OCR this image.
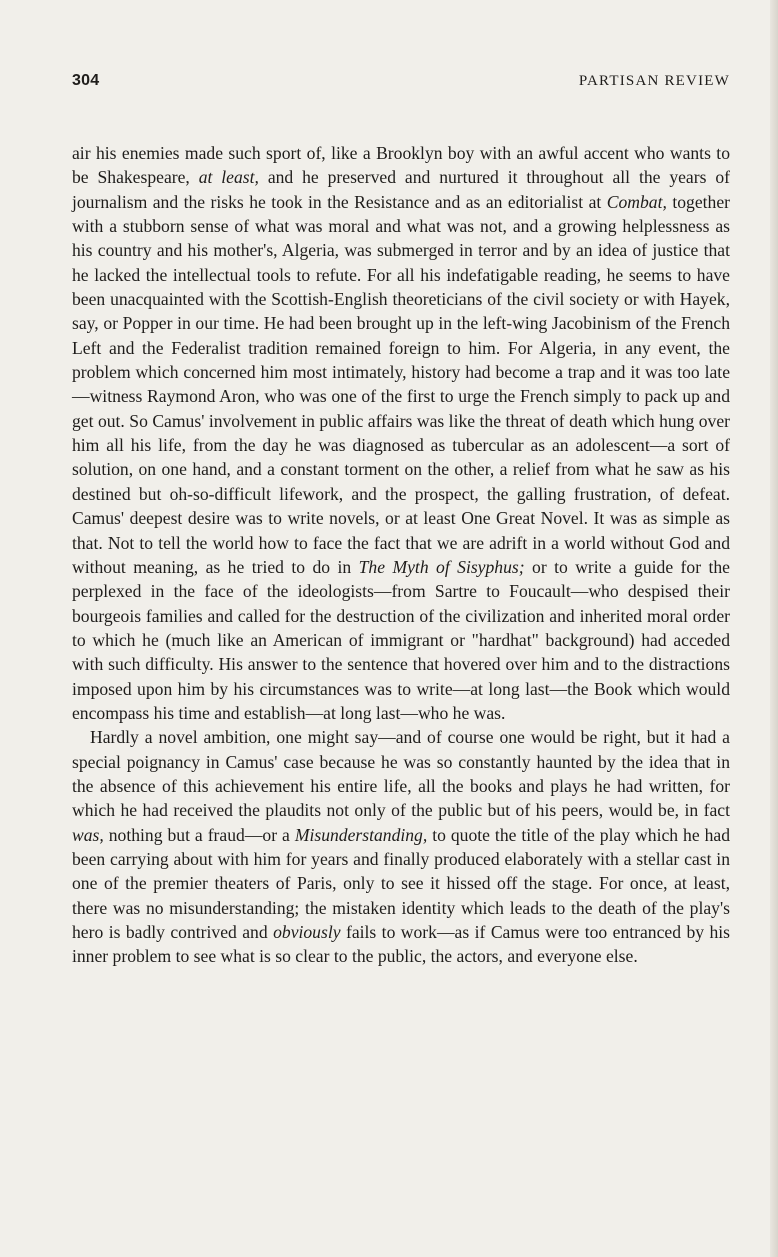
304	PARTISAN REVIEW

air his enemies made such sport of, like a Brooklyn boy with an awful accent who wants to be Shakespeare, at least, and he preserved and nurtured it throughout all the years of journalism and the risks he took in the Resistance and as an editorialist at Combat, together with a stubborn sense of what was moral and what was not, and a growing helplessness as his country and his mother's, Algeria, was submerged in terror and by an idea of justice that he lacked the intellectual tools to refute. For all his indefatigable reading, he seems to have been unacquainted with the Scottish-English theoreticians of the civil society or with Hayek, say, or Popper in our time. He had been brought up in the left-wing Jacobinism of the French Left and the Federalist tradition remained foreign to him. For Algeria, in any event, the problem which concerned him most intimately, history had become a trap and it was too late—witness Raymond Aron, who was one of the first to urge the French simply to pack up and get out. So Camus' involvement in public affairs was like the threat of death which hung over him all his life, from the day he was diagnosed as tubercular as an adolescent—a sort of solution, on one hand, and a constant torment on the other, a relief from what he saw as his destined but oh-so-difficult lifework, and the prospect, the galling frustration, of defeat. Camus' deepest desire was to write novels, or at least One Great Novel. It was as simple as that. Not to tell the world how to face the fact that we are adrift in a world without God and without meaning, as he tried to do in The Myth of Sisyphus; or to write a guide for the perplexed in the face of the ideologists—from Sartre to Foucault—who despised their bourgeois families and called for the destruction of the civilization and inherited moral order to which he (much like an American of immigrant or "hardhat" background) had acceded with such difficulty. His answer to the sentence that hovered over him and to the distractions imposed upon him by his circumstances was to write—at long last—the Book which would encompass his time and establish—at long last—who he was.

Hardly a novel ambition, one might say—and of course one would be right, but it had a special poignancy in Camus' case because he was so constantly haunted by the idea that in the absence of this achievement his entire life, all the books and plays he had written, for which he had received the plaudits not only of the public but of his peers, would be, in fact was, nothing but a fraud—or a Misunderstanding, to quote the title of the play which he had been carrying about with him for years and finally produced elaborately with a stellar cast in one of the premier theaters of Paris, only to see it hissed off the stage. For once, at least, there was no misunderstanding; the mistaken identity which leads to the death of the play's hero is badly contrived and obviously fails to work—as if Camus were too entranced by his inner problem to see what is so clear to the public, the actors, and everyone else.
